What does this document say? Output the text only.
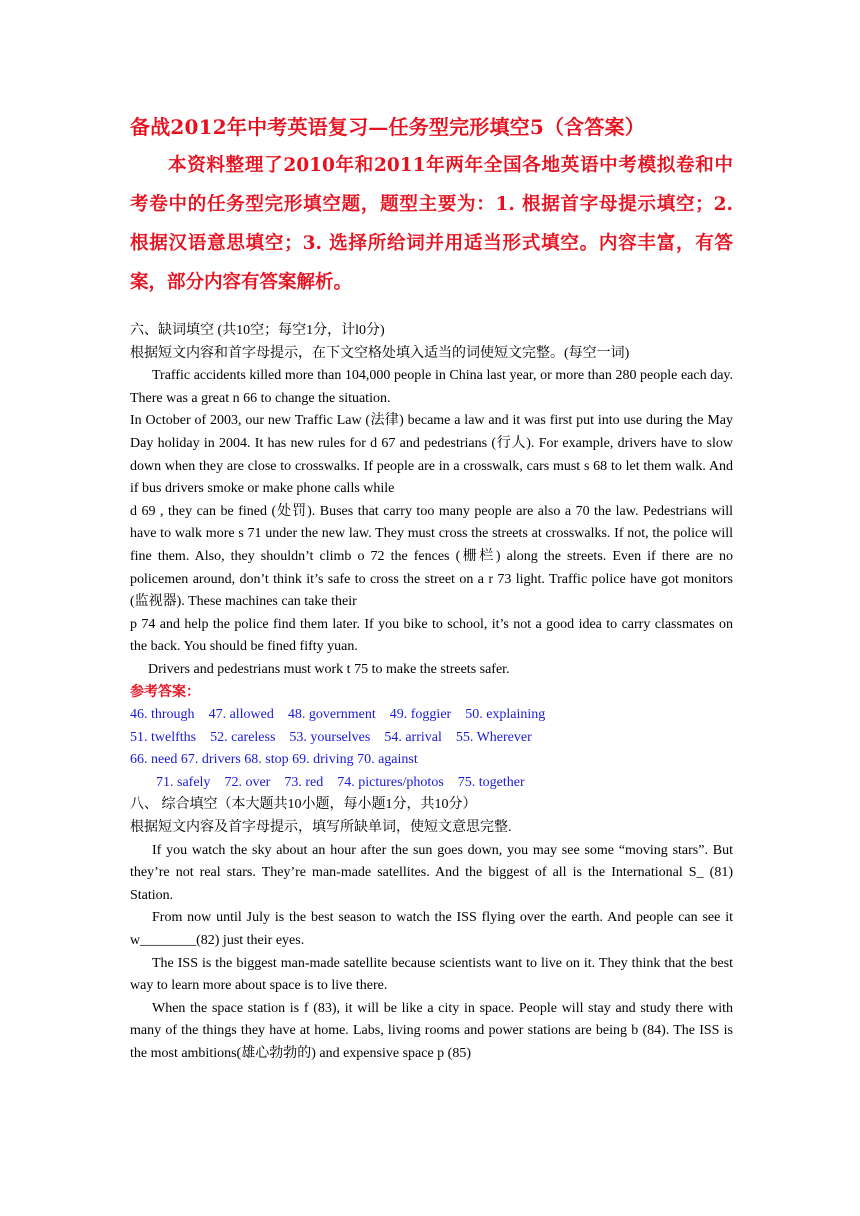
备战2012年中考英语复习—任务型完形填空5（含答案）

本资料整理了2010年和2011年两年全国各地英语中考模拟卷和中考卷中的任务型完形填空题，题型主要为：1. 根据首字母提示填空；2. 根据汉语意思填空；3. 选择所给词并用适当形式填空。内容丰富，有答案，部分内容有答案解析。

六、缺词填空 (共10空；每空1分，计l0分)

根据短文内容和首字母提示，在下文空格处填入适当的词使短文完整。(每空一词)

Traffic accidents killed more than 104,000 people in China last year, or more than 280 people each day. There was a great n 66 to change the situation.

In October of 2003, our new Traffic Law (法律) became a law and it was first put into use during the May Day holiday in 2004. It has new rules for d 67 and pedestrians (行人). For example, drivers have to slow down when they are close to crosswalks. If people are in a crosswalk, cars must s 68 to let them walk. And if bus drivers smoke or make phone calls while

d 69 , they can be fined (处罚). Buses that carry too many people are also a 70 the law. Pedestrians will have to walk more s 71 under the new law. They must cross the streets at crosswalks. If not, the police will fine them. Also, they shouldn’t climb o 72 the fences (栅栏) along the streets. Even if there are no policemen around, don’t think it’s safe to cross the street on a r 73 light. Traffic police have got monitors (监视器). These machines can take their

p 74 and help the police find them later. If you bike to school, it’s not a good idea to carry classmates on the back. You should be fined fifty yuan.

Drivers and pedestrians must work t 75 to make the streets safer.

参考答案：

46. through 47. allowed 48. government 49. foggier 50. explaining

51. twelfths 52. careless 53. yourselves 54. arrival 55. Wherever

66. need 67. drivers 68. stop 69. driving 70. against

71. safely 72. over 73. red 74. pictures/photos 75. together

八、 综合填空（本大题共10小题，每小题1分，共10分）

根据短文内容及首字母提示，填写所缺单词，使短文意思完整.

If you watch the sky about an hour after the sun goes down, you may see some “moving stars”. But they’re not real stars. They’re man-made satellites. And the biggest of all is the International S_ (81) Station.

From now until July is the best season to watch the ISS flying over the earth. And people can see it w________(82) just their eyes.

The ISS is the biggest man-made satellite because scientists want to live on it. They think that the best way to learn more about space is to live there.

When the space station is f (83), it will be like a city in space. People will stay and study there with many of the things they have at home. Labs, living rooms and power stations are being b (84). The ISS is the most ambitions(雄心勃勃的) and expensive space p (85)
